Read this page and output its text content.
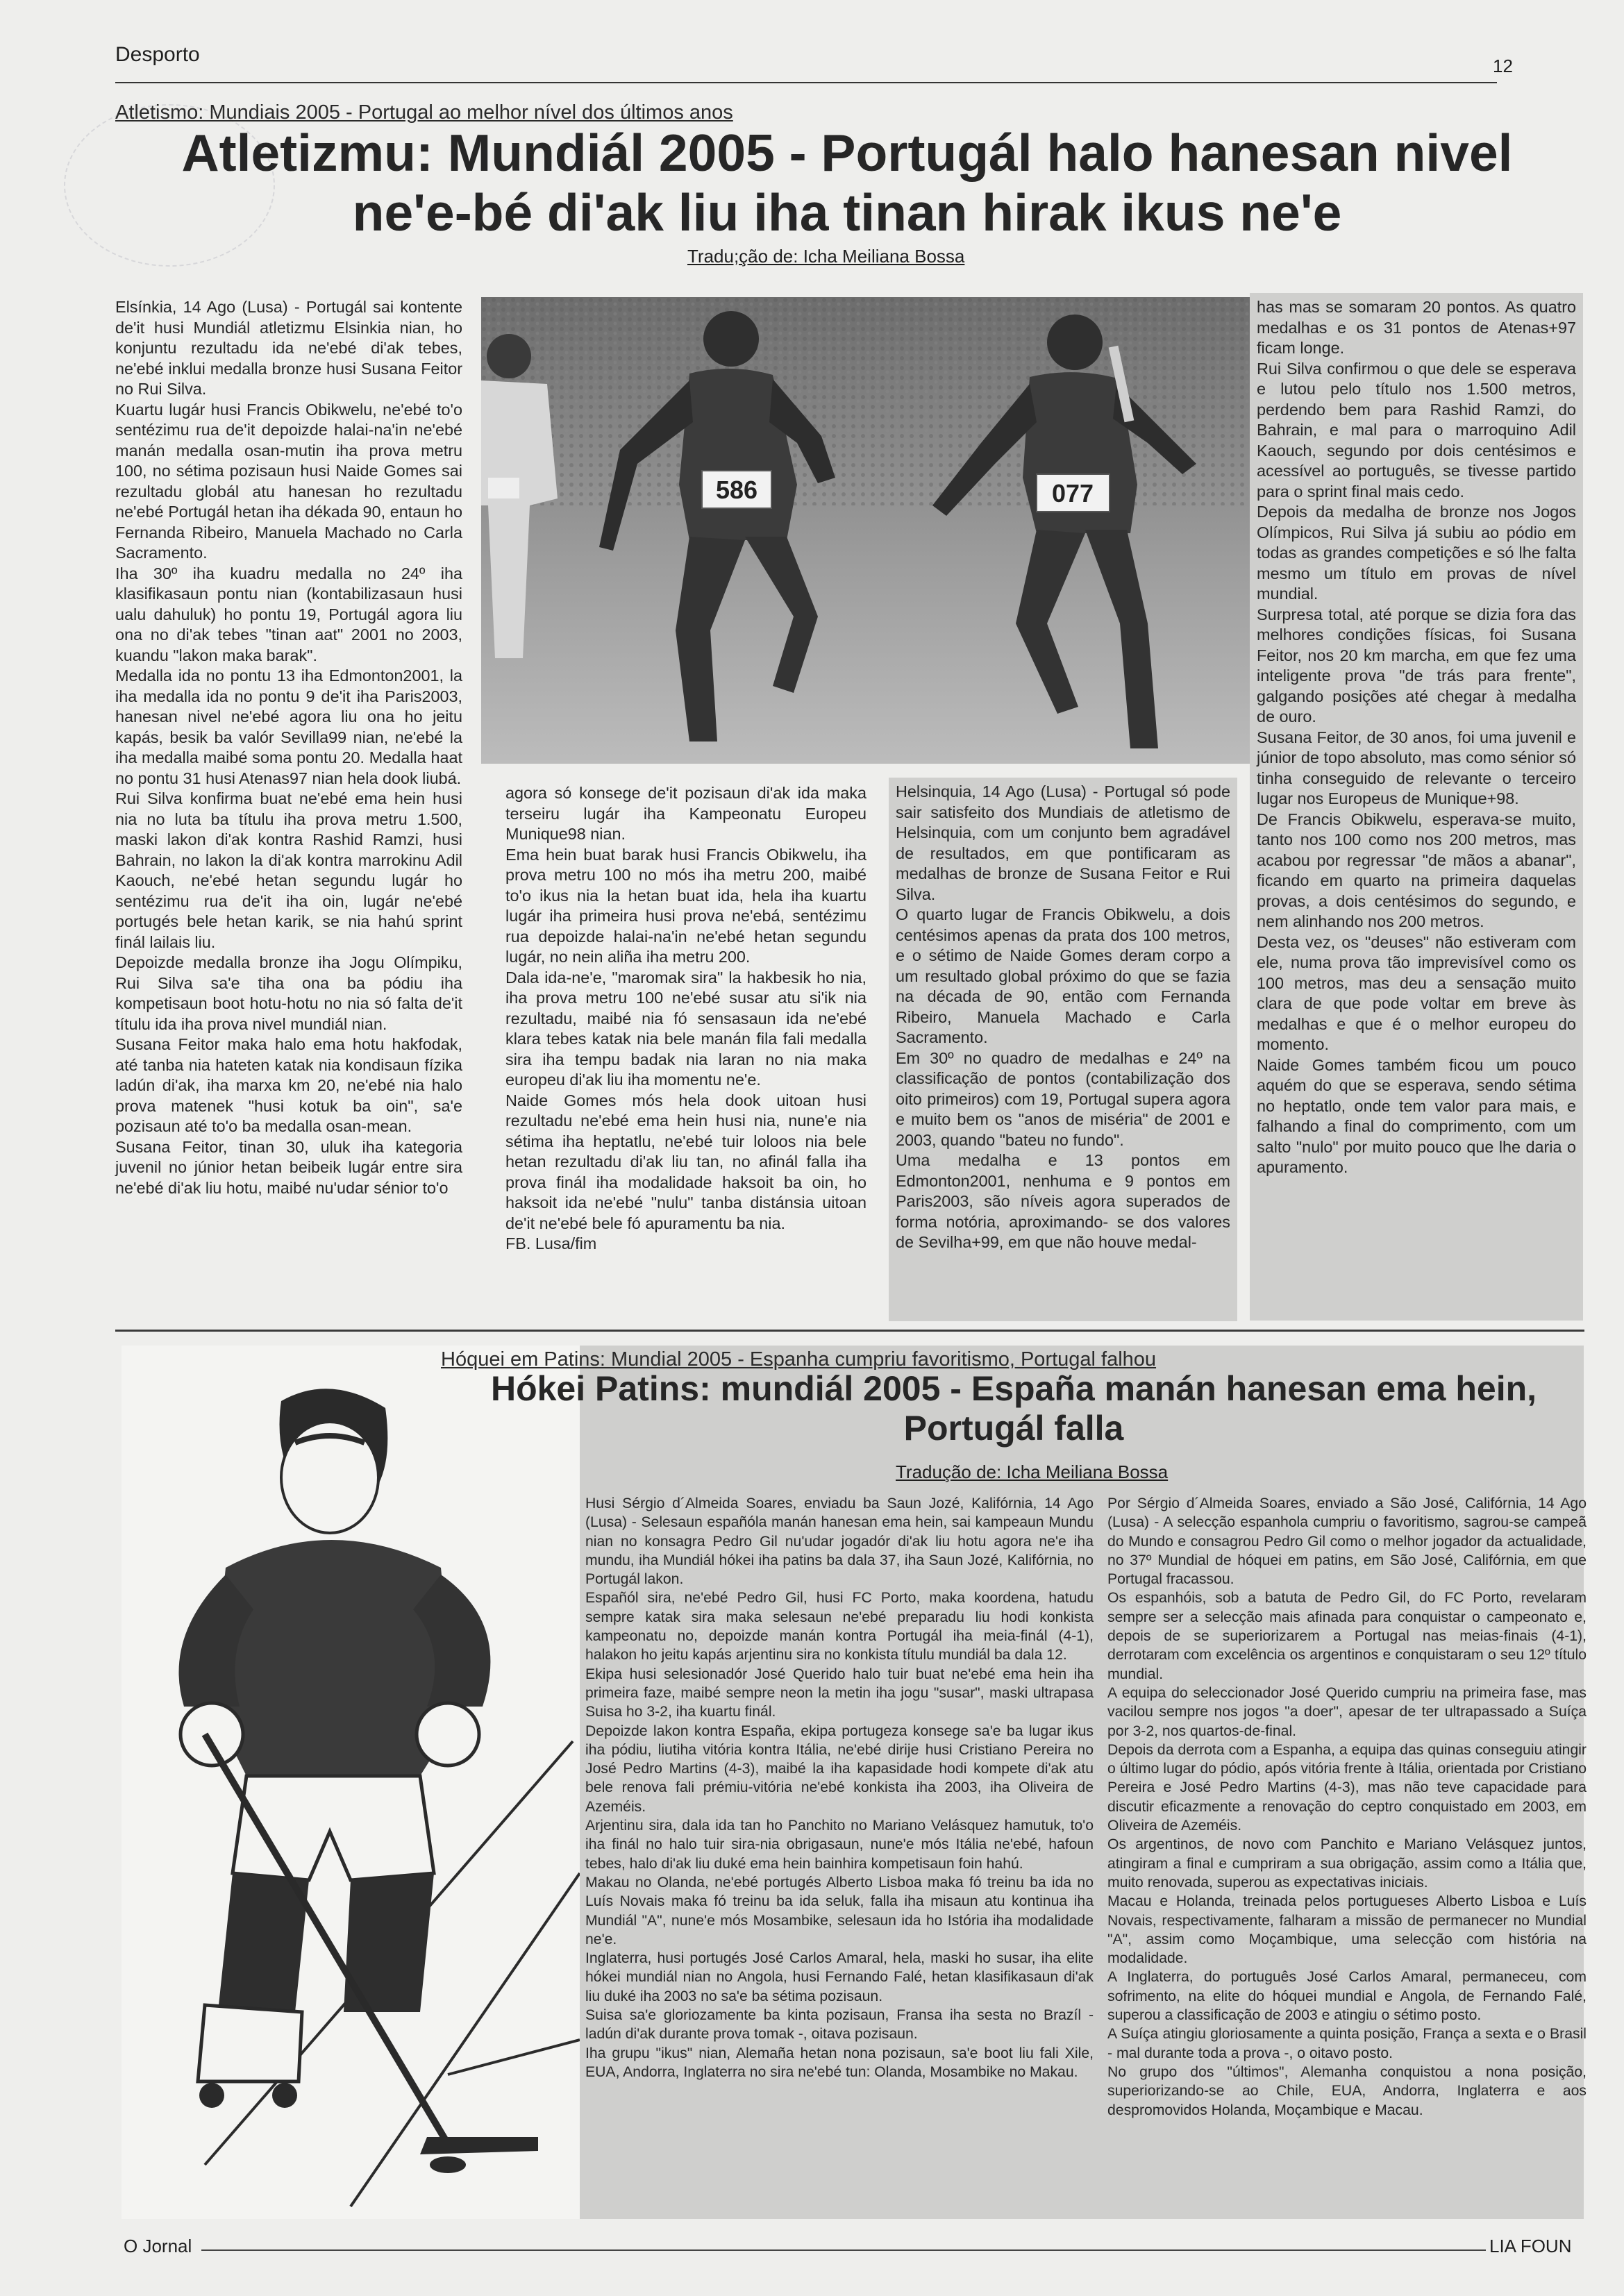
Desporto	12
Atletismo: Mundiais 2005 - Portugal ao melhor nível dos últimos anos
Atletizmu: Mundiál 2005 - Portugál halo hanesan nivel ne'e-bé di'ak liu iha tinan hirak ikus ne'e
Tradu;ção de: Icha Meiliana Bossa
586	077

Elsínkia, 14 Ago (Lusa) - Portugál sai kontente de'it husi Mundiál atletizmu Elsinkia nian, ho konjuntu rezultadu ida ne'ebé di'ak tebes, ne'ebé inklui medalla bronze husi Susana Feitor no Rui Silva.

Kuartu lugár husi Francis Obikwelu, ne'ebé to'o sentézimu rua de'it depoizde halai-na'in ne'ebé manán medalla osan-mutin iha prova metru 100, no sétima pozisaun husi Naide Gomes sai rezultadu globál atu hanesan ho rezultadu ne'ebé Portugál hetan iha dékada 90, entaun ho Fernanda Ribeiro, Manuela Machado no Carla Sacramento.

Iha 30º iha kuadru medalla no 24º iha klasifikasaun pontu nian (kontabilizasaun husi ualu dahuluk) ho pontu 19, Portugál agora liu ona no di'ak tebes "tinan aat" 2001 no 2003, kuandu "lakon maka barak".

Medalla ida no pontu 13 iha Edmonton2001, la iha medalla ida no pontu 9 de'it iha Paris2003, hanesan nivel ne'ebé agora liu ona ho jeitu kapás, besik ba valór Sevilla99 nian, ne'ebé la iha medalla maibé soma pontu 20. Medalla haat no pontu 31 husi Atenas97 nian hela dook liubá.

Rui Silva konfirma buat ne'ebé ema hein husi nia no luta ba títulu iha prova metru 1.500, maski lakon di'ak kontra Rashid Ramzi, husi Bahrain, no lakon la di'ak kontra marrokinu Adil Kaouch, ne'ebé hetan segundu lugár ho sentézimu rua de'it iha oin, lugár ne'ebé portugés bele hetan karik, se nia hahú sprint finál lailais liu.

Depoizde medalla bronze iha Jogu Olímpiku, Rui Silva sa'e tiha ona ba pódiu iha kompetisaun boot hotu-hotu no nia só falta de'it títulu ida iha prova nivel mundiál nian.

Susana Feitor maka halo ema hotu hakfodak, até tanba nia hateten katak nia kondisaun fízika ladún di'ak, iha marxa km 20, ne'ebé nia halo prova matenek "husi kotuk ba oin", sa'e pozisaun até to'o ba medalla osan-mean.

Susana Feitor, tinan 30, uluk iha kategoria juvenil no júnior hetan beibeik lugár entre sira ne'ebé di'ak liu hotu, maibé nu'udar sénior to'o

agora só konsege de'it pozisaun di'ak ida maka terseiru lugár iha Kampeonatu Europeu Munique98 nian.

Ema hein buat barak husi Francis Obikwelu, iha prova metru 100 no mós iha metru 200, maibé to'o ikus nia la hetan buat ida, hela iha kuartu lugár iha primeira husi prova ne'ebá, sentézimu rua depoizde halai-na'in ne'ebé hetan segundu lugár, no nein aliña iha metru 200.

Dala ida-ne'e, "maromak sira" la hakbesik ho nia, iha prova metru 100 ne'ebé susar atu si'ik nia rezultadu, maibé nia fó sensasaun ida ne'ebé klara tebes katak nia bele manán fila fali medalla sira iha tempu badak nia laran no nia maka europeu di'ak liu iha momentu ne'e.

Naide Gomes mós hela dook uitoan husi rezultadu ne'ebé ema hein husi nia, nune'e nia sétima iha heptatlu, ne'ebé tuir loloos nia bele hetan rezultadu di'ak liu tan, no afinál falla iha prova finál iha modalidade haksoit ba oin, ho haksoit ida ne'ebé "nulu" tanba distánsia uitoan de'it ne'ebé bele fó apuramentu ba nia.

FB. Lusa/fim

Helsinquia, 14 Ago (Lusa) - Portugal só pode sair satisfeito dos Mundiais de atletismo de Helsinquia, com um conjunto bem agradável de resultados, em que pontificaram as medalhas de bronze de Susana Feitor e Rui Silva.

O quarto lugar de Francis Obikwelu, a dois centésimos apenas da prata dos 100 metros, e o sétimo de Naide Gomes deram corpo a um resultado global próximo do que se fazia na década de 90, então com Fernanda Ribeiro, Manuela Machado e Carla Sacramento.

Em 30º no quadro de medalhas e 24º na classificação de pontos (contabilização dos oito primeiros) com 19, Portugal supera agora e muito bem os "anos de miséria" de 2001 e 2003, quando "bateu no fundo".

Uma medalha e 13 pontos em Edmonton2001, nenhuma e 9 pontos em Paris2003, são níveis agora superados de forma notória, aproximando- se dos valores de Sevilha+99, em que não houve medal-

has mas se somaram 20 pontos. As quatro medalhas e os 31 pontos de Atenas+97 ficam longe.

Rui Silva confirmou o que dele se esperava e lutou pelo título nos 1.500 metros, perdendo bem para Rashid Ramzi, do Bahrain, e mal para o marroquino Adil Kaouch, segundo por dois centésimos e acessível ao português, se tivesse partido para o sprint final mais cedo.

Depois da medalha de bronze nos Jogos Olímpicos, Rui Silva já subiu ao pódio em todas as grandes competições e só lhe falta mesmo um título em provas de nível mundial.

Surpresa total, até porque se dizia fora das melhores condições físicas, foi Susana Feitor, nos 20 km marcha, em que fez uma inteligente prova "de trás para frente", galgando posições até chegar à medalha de ouro.

Susana Feitor, de 30 anos, foi uma juvenil e júnior de topo absoluto, mas como sénior só tinha conseguido de relevante o terceiro lugar nos Europeus de Munique+98.

De Francis Obikwelu, esperava-se muito, tanto nos 100 como nos 200 metros, mas acabou por regressar "de mãos a abanar", ficando em quarto na primeira daquelas provas, a dois centésimos do segundo, e nem alinhando nos 200 metros.

Desta vez, os "deuses" não estiveram com ele, numa prova tão imprevisível como os 100 metros, mas deu a sensação muito clara de que pode voltar em breve às medalhas e que é o melhor europeu do momento.

Naide Gomes também ficou um pouco aquém do que se esperava, sendo sétima no heptatlo, onde tem valor para mais, e falhando a final do comprimento, com um salto "nulo" por muito pouco que lhe daria o apuramento.

Hóquei em Patins: Mundial 2005 - Espanha cumpriu favoritismo, Portugal falhou
Hókei Patins: mundiál 2005 - España manán hanesan ema hein, Portugál falla
Tradução de: Icha Meiliana Bossa

Husi Sérgio d´Almeida Soares, enviadu ba Saun Jozé, Kalifórnia, 14 Ago (Lusa) - Selesaun españóla manán hanesan ema hein, sai kampeaun Mundu nian no konsagra Pedro Gil nu'udar jogadór di'ak liu hotu agora ne'e iha mundu, iha Mundiál hókei iha patins ba dala 37, iha Saun Jozé, Kalifórnia, no Portugál lakon.

Españól sira, ne'ebé Pedro Gil, husi FC Porto, maka koordena, hatudu sempre katak sira maka selesaun ne'ebé preparadu liu hodi konkista kampeonatu no, depoizde manán kontra Portugál iha meia-finál (4-1), halakon ho jeitu kapás arjentinu sira no konkista títulu mundiál ba dala 12.

Ekipa husi selesionadór José Querido halo tuir buat ne'ebé ema hein iha primeira faze, maibé sempre neon la metin iha jogu "susar", maski ultrapasa Suisa ho 3-2, iha kuartu finál.

Depoizde lakon kontra España, ekipa portugeza konsege sa'e ba lugar ikus iha pódiu, liutiha vitória kontra Itália, ne'ebé dirije husi Cristiano Pereira no José Pedro Martins (4-3), maibé la iha kapasidade hodi kompete di'ak atu bele renova fali prémiu-vitória ne'ebé konkista iha 2003, iha Oliveira de Azeméis.

Arjentinu sira, dala ida tan ho Panchito no Mariano Velásquez hamutuk, to'o iha finál no halo tuir sira-nia obrigasaun, nune'e mós Itália ne'ebé, hafoun tebes, halo di'ak liu duké ema hein bainhira kompetisaun foin hahú.

Makau no Olanda, ne'ebé portugés Alberto Lisboa maka fó treinu ba ida no Luís Novais maka fó treinu ba ida seluk, falla iha misaun atu kontinua iha Mundiál "A", nune'e mós Mosambike, selesaun ida ho Istória iha modalidade ne'e.

Inglaterra, husi portugés José Carlos Amaral, hela, maski ho susar, iha elite hókei mundiál nian no Angola, husi Fernando Falé, hetan klasifikasaun di'ak liu duké iha 2003 no sa'e ba sétima pozisaun.

Suisa sa'e gloriozamente ba kinta pozisaun, Fransa iha sesta no Brazíl - ladún di'ak durante prova tomak -, oitava pozisaun.

Iha grupu "ikus" nian, Alemaña hetan nona pozisaun, sa'e boot liu fali Xile, EUA, Andorra, Inglaterra no sira ne'ebé tun: Olanda, Mosambike no Makau.

Por Sérgio d´Almeida Soares, enviado a São José, Califórnia, 14 Ago (Lusa) - A selecção espanhola cumpriu o favoritismo, sagrou-se campeã do Mundo e consagrou Pedro Gil como o melhor jogador da actualidade, no 37º Mundial de hóquei em patins, em São José, Califórnia, em que Portugal fracassou.

Os espanhóis, sob a batuta de Pedro Gil, do FC Porto, revelaram sempre ser a selecção mais afinada para conquistar o campeonato e, depois de se superiorizarem a Portugal nas meias-finais (4-1), derrotaram com excelência os argentinos e conquistaram o seu 12º título mundial.

A equipa do seleccionador José Querido cumpriu na primeira fase, mas vacilou sempre nos jogos "a doer", apesar de ter ultrapassado a Suíça por 3-2, nos quartos-de-final.

Depois da derrota com a Espanha, a equipa das quinas conseguiu atingir o último lugar do pódio, após vitória frente à Itália, orientada por Cristiano Pereira e José Pedro Martins (4-3), mas não teve capacidade para discutir eficazmente a renovação do ceptro conquistado em 2003, em Oliveira de Azeméis.

Os argentinos, de novo com Panchito e Mariano Velásquez juntos, atingiram a final e cumpriram a sua obrigação, assim como a Itália que, muito renovada, superou as expectativas iniciais.

Macau e Holanda, treinada pelos portugueses Alberto Lisboa e Luís Novais, respectivamente, falharam a missão de permanecer no Mundial "A", assim como Moçambique, uma selecção com história na modalidade.

A Inglaterra, do português José Carlos Amaral, permaneceu, com sofrimento, na elite do hóquei mundial e Angola, de Fernando Falé, superou a classificação de 2003 e atingiu o sétimo posto.

A Suíça atingiu gloriosamente a quinta posição, França a sexta e o Brasil - mal durante toda a prova -, o oitavo posto.

No grupo dos "últimos", Alemanha conquistou a nona posição, superiorizando-se ao Chile, EUA, Andorra, Inglaterra e aos despromovidos Holanda, Moçambique e Macau.

O Jornal	LIA FOUN
